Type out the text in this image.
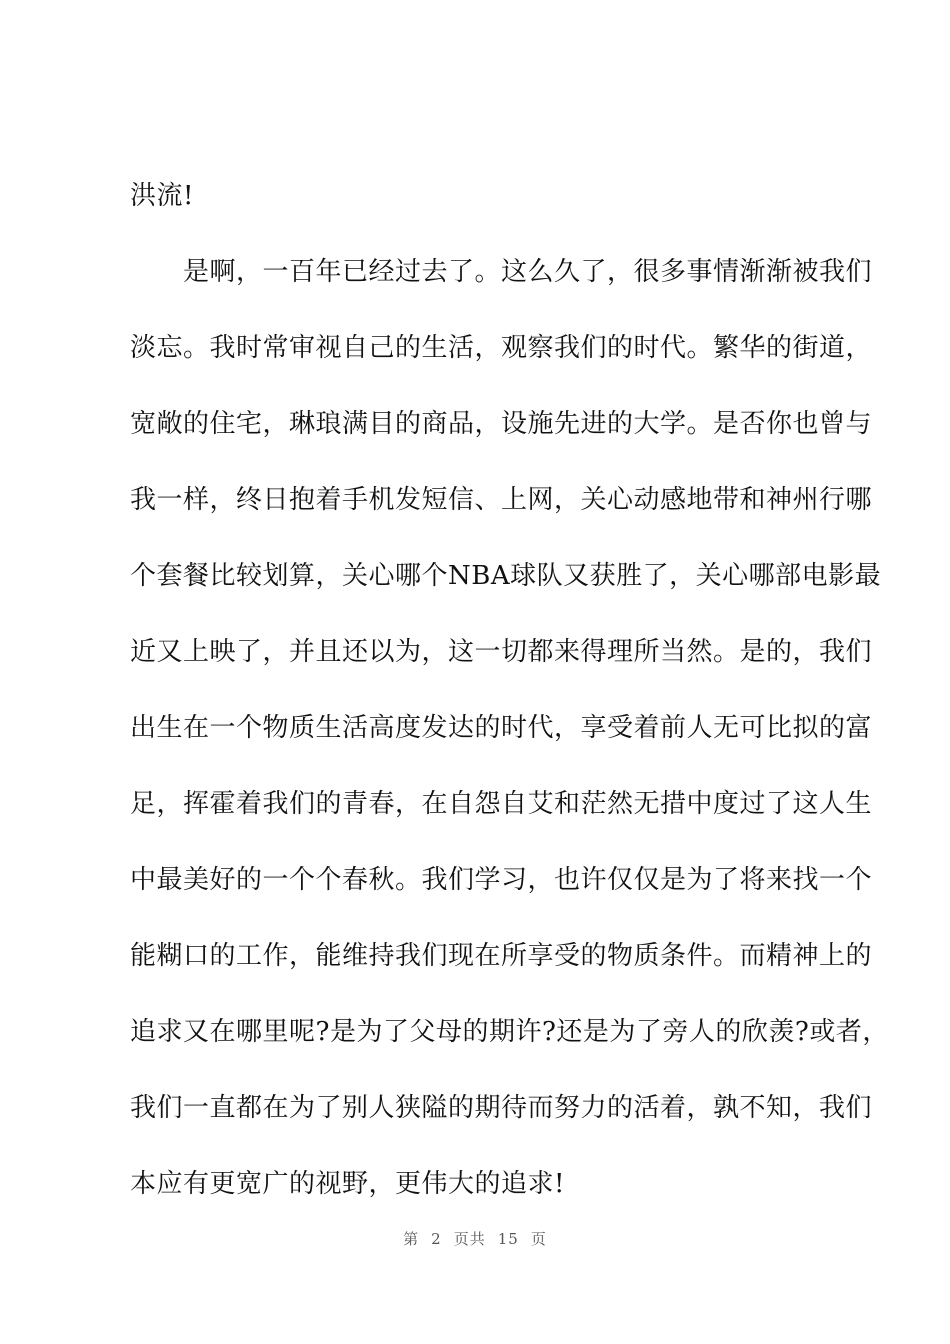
洪流!
　　是啊，一百年已经过去了。这么久了，很多事情渐渐被我们
淡忘。我时常审视自己的生活，观察我们的时代。繁华的街道，
宽敞的住宅，琳琅满目的商品，设施先进的大学。是否你也曾与
我一样，终日抱着手机发短信、上网，关心动感地带和神州行哪
个套餐比较划算，关心哪个NBA球队又获胜了，关心哪部电影最
近又上映了，并且还以为，这一切都来得理所当然。是的，我们
出生在一个物质生活高度发达的时代，享受着前人无可比拟的富
足，挥霍着我们的青春，在自怨自艾和茫然无措中度过了这人生
中最美好的一个个春秋。我们学习，也许仅仅是为了将来找一个
能糊口的工作，能维持我们现在所享受的物质条件。而精神上的
追求又在哪里呢?是为了父母的期许?还是为了旁人的欣羡?或者，
我们一直都在为了别人狭隘的期待而努力的活着，孰不知，我们
本应有更宽广的视野，更伟大的追求!
第 2 页共 15 页
